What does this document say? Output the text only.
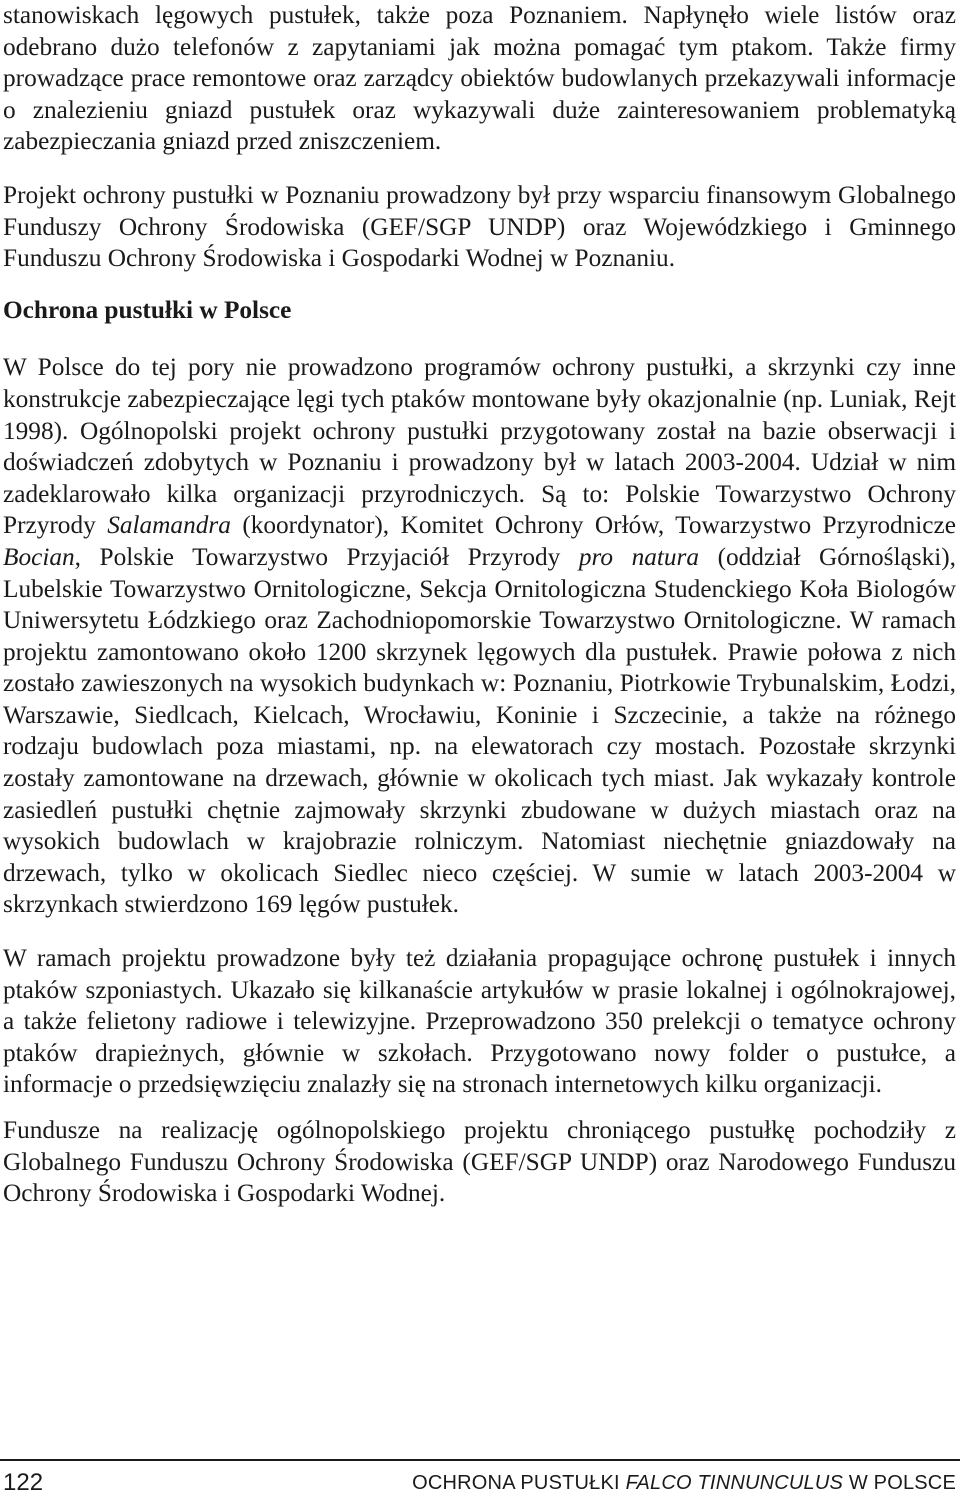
stanowiskach lęgowych pustułek, także poza Poznaniem. Napłynęło wiele listów oraz odebrano dużo telefonów z zapytaniami jak można pomagać tym ptakom. Także firmy prowadzące prace remontowe oraz zarządcy obiektów budowlanych przekazywali informacje o znalezieniu gniazd pustułek oraz wykazywali duże zainteresowaniem problematyką zabezpieczania gniazd przed zniszczeniem.

Projekt ochrony pustułki w Poznaniu prowadzony był przy wsparciu finansowym Globalnego Funduszy Ochrony Środowiska (GEF/SGP UNDP) oraz Wojewódzkiego i Gminnego Funduszu Ochrony Środowiska i Gospodarki Wodnej w Poznaniu.

Ochrona pustułki w Polsce

W Polsce do tej pory nie prowadzono programów ochrony pustułki, a skrzynki czy inne konstrukcje zabezpieczające lęgi tych ptaków montowane były okazjonalnie (np. Luniak, Rejt 1998). Ogólnopolski projekt ochrony pustułki przygotowany został na bazie obserwacji i doświadczeń zdobytych w Poznaniu i prowadzony był w latach 2003-2004. Udział w nim zadeklarowało kilka organizacji przyrodniczych. Są to: Polskie Towarzystwo Ochrony Przyrody Salamandra (koordynator), Komitet Ochrony Orłów, Towarzystwo Przyrodnicze Bocian, Polskie Towarzystwo Przyjaciół Przyrody pro natura (oddział Górnośląski), Lubelskie Towarzystwo Ornitologiczne, Sekcja Ornitologiczna Studenckiego Koła Biologów Uniwersytetu Łódzkiego oraz Zachodniopomorskie Towarzystwo Ornitologiczne. W ramach projektu zamontowano około 1200 skrzynek lęgowych dla pustułek. Prawie połowa z nich zostało zawieszonych na wysokich budynkach w: Poznaniu, Piotrkowie Trybunalskim, Łodzi, Warszawie, Siedlcach, Kielcach, Wrocławiu, Koninie i Szczecinie, a także na różnego rodzaju budowlach poza miastami, np. na elewatorach czy mostach. Pozostałe skrzynki zostały zamontowane na drzewach, głównie w okolicach tych miast. Jak wykazały kontrole zasiedleń pustułki chętnie zajmowały skrzynki zbudowane w dużych miastach oraz na wysokich budowlach w krajobrazie rolniczym. Natomiast niechętnie gniazdowały na drzewach, tylko w okolicach Siedlec nieco częściej. W sumie w latach 2003-2004 w skrzynkach stwierdzono 169 lęgów pustułek.

W ramach projektu prowadzone były też działania propagujące ochronę pustułek i innych ptaków szponiastych. Ukazało się kilkanaście artykułów w prasie lokalnej i ogólnokrajowej, a także felietony radiowe i telewizyjne. Przeprowadzono 350 prelekcji o tematyce ochrony ptaków drapieżnych, głównie w szkołach. Przygotowano nowy folder o pustułce, a informacje o przedsięwzięciu znalazły się na stronach internetowych kilku organizacji.

Fundusze na realizację ogólnopolskiego projektu chroniącego pustułkę pochodziły z Globalnego Funduszu Ochrony Środowiska (GEF/SGP UNDP) oraz Narodowego Funduszu Ochrony Środowiska i Gospodarki Wodnej.

122	OCHRONA PUSTUŁKI FALCO TINNUNCULUS W POLSCE
